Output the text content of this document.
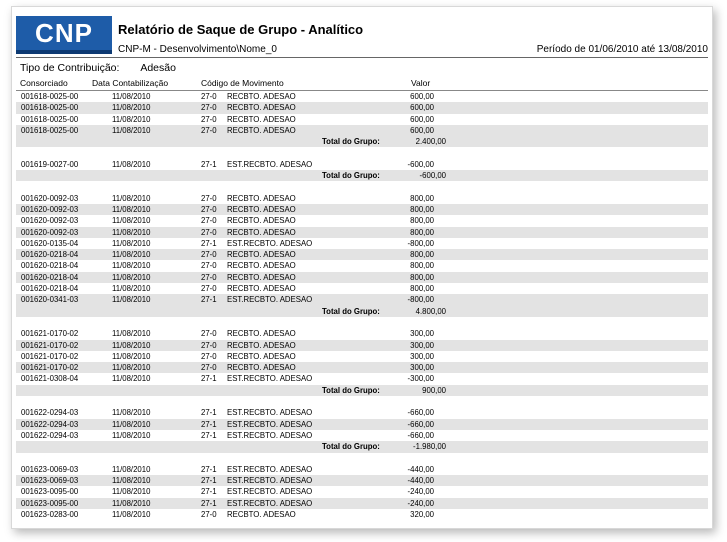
CNP	Relatório de Saque de Grupo - Analítico
CNP-M - Desenvolvimento\Nome_0	Período de 01/06/2010 até 13/08/2010
Tipo de Contribuição: Adesão
Consorciado	Data Contabilização	Código de Movimento	Valor
001618-0025-00	11/08/2010	27-0 RECBTO. ADESAO	600,00
001618-0025-00	11/08/2010	27-0 RECBTO. ADESAO	600,00
001618-0025-00	11/08/2010	27-0 RECBTO. ADESAO	600,00
001618-0025-00	11/08/2010	27-0 RECBTO. ADESAO	600,00
Total do Grupo:	2.400,00
001619-0027-00	11/08/2010	27-1 EST.RECBTO. ADESAO	-600,00
Total do Grupo:	-600,00
001620-0092-03	11/08/2010	27-0 RECBTO. ADESAO	800,00
001620-0092-03	11/08/2010	27-0 RECBTO. ADESAO	800,00
001620-0092-03	11/08/2010	27-0 RECBTO. ADESAO	800,00
001620-0092-03	11/08/2010	27-0 RECBTO. ADESAO	800,00
001620-0135-04	11/08/2010	27-1 EST.RECBTO. ADESAO	-800,00
001620-0218-04	11/08/2010	27-0 RECBTO. ADESAO	800,00
001620-0218-04	11/08/2010	27-0 RECBTO. ADESAO	800,00
001620-0218-04	11/08/2010	27-0 RECBTO. ADESAO	800,00
001620-0218-04	11/08/2010	27-0 RECBTO. ADESAO	800,00
001620-0341-03	11/08/2010	27-1 EST.RECBTO. ADESAO	-800,00
Total do Grupo:	4.800,00
001621-0170-02	11/08/2010	27-0 RECBTO. ADESAO	300,00
001621-0170-02	11/08/2010	27-0 RECBTO. ADESAO	300,00
001621-0170-02	11/08/2010	27-0 RECBTO. ADESAO	300,00
001621-0170-02	11/08/2010	27-0 RECBTO. ADESAO	300,00
001621-0308-04	11/08/2010	27-1 EST.RECBTO. ADESAO	-300,00
Total do Grupo:	900,00
001622-0294-03	11/08/2010	27-1 EST.RECBTO. ADESAO	-660,00
001622-0294-03	11/08/2010	27-1 EST.RECBTO. ADESAO	-660,00
001622-0294-03	11/08/2010	27-1 EST.RECBTO. ADESAO	-660,00
Total do Grupo:	-1.980,00
001623-0069-03	11/08/2010	27-1 EST.RECBTO. ADESAO	-440,00
001623-0069-03	11/08/2010	27-1 EST.RECBTO. ADESAO	-440,00
001623-0095-00	11/08/2010	27-1 EST.RECBTO. ADESAO	-240,00
001623-0095-00	11/08/2010	27-1 EST.RECBTO. ADESAO	-240,00
001623-0283-00	11/08/2010	27-0 RECBTO. ADESAO	320,00
